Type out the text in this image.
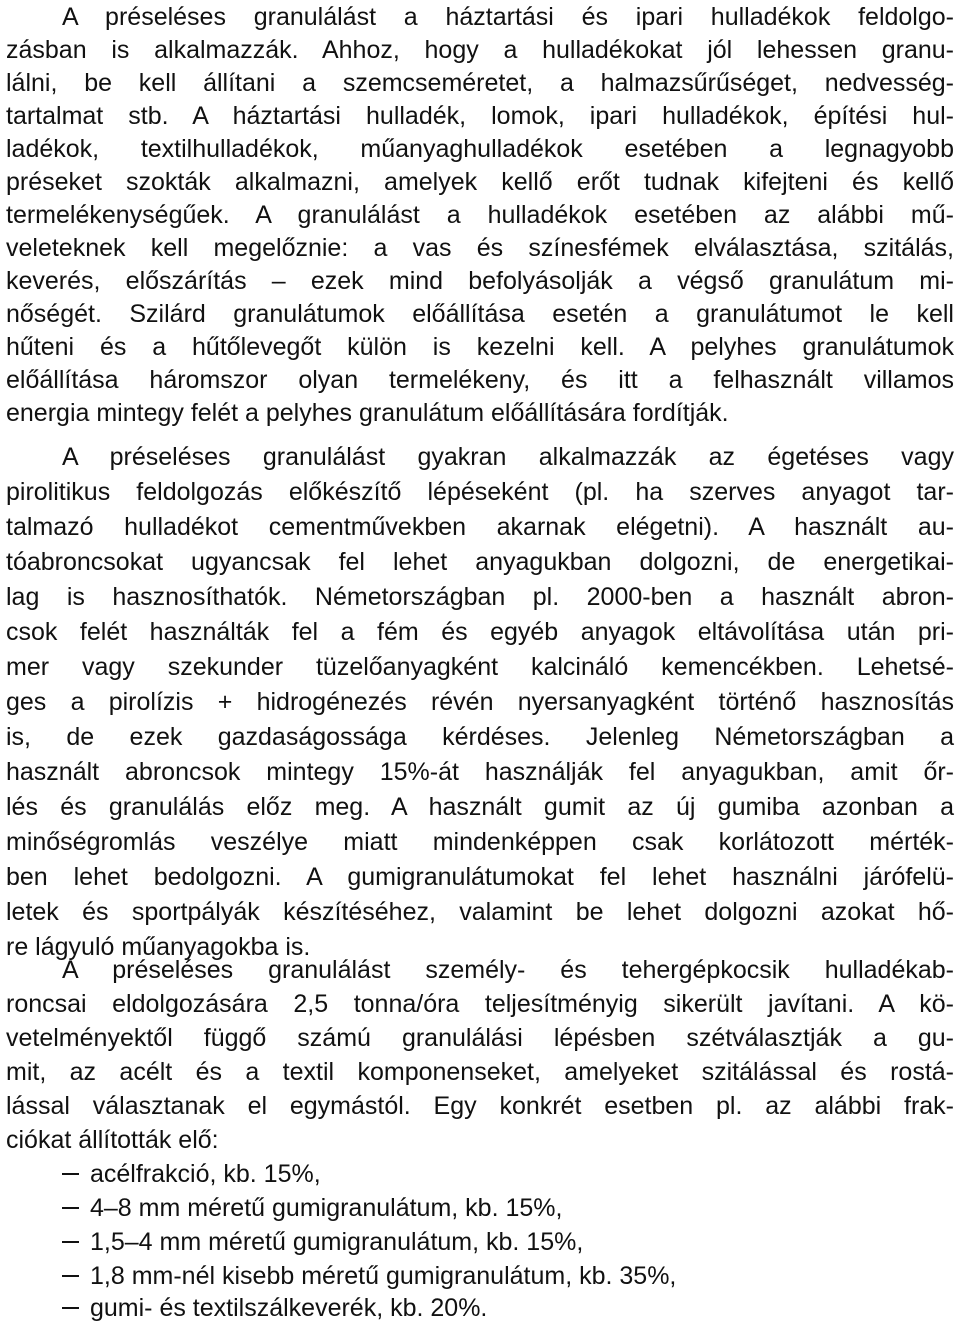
A préseléses granulálást a háztartási és ipari hulladékok feldolgo-
zásban is alkalmazzák. Ahhoz, hogy a hulladékokat jól lehessen granu-
lálni, be kell állítani a szemcseméretet, a halmazsűrűséget, nedvesség-
tartalmat stb. A háztartási hulladék, lomok, ipari hulladékok, építési hul-
ladékok, textilhulladékok, műanyaghulladékok esetében a legnagyobb
préseket szokták alkalmazni, amelyek kellő erőt tudnak kifejteni és kellő
termelékenységűek. A granulálást a hulladékok esetében az alábbi mű-
veleteknek kell megelőznie: a vas és színesfémek elválasztása, szitálás,
keverés, előszárítás – ezek mind befolyásolják a végső granulátum mi-
nőségét. Szilárd granulátumok előállítása esetén a granulátumot le kell
hűteni és a hűtőlevegőt külön is kezelni kell. A pelyhes granulátumok
előállítása háromszor olyan termelékeny, és itt a felhasznált villamos
energia mintegy felét a pelyhes granulátum előállítására fordítják.
A préseléses granulálást gyakran alkalmazzák az égetéses vagy
pirolitikus feldolgozás előkészítő lépéseként (pl. ha szerves anyagot tar-
talmazó hulladékot cementművekben akarnak elégetni). A használt au-
tóabroncsokat ugyancsak fel lehet anyagukban dolgozni, de energetikai-
lag is hasznosíthatók. Németországban pl. 2000-ben a használt abron-
csok felét használták fel a fém és egyéb anyagok eltávolítása után pri-
mer vagy szekunder tüzelőanyagként kalcináló kemencékben. Lehetsé-
ges a pirolízis + hidrogénezés révén nyersanyagként történő hasznosítás
is, de ezek gazdaságossága kérdéses. Jelenleg Németországban a
használt abroncsok mintegy 15%-át használják fel anyagukban, amit őr-
lés és granulálás előz meg. A használt gumit az új gumiba azonban a
minőségromlás veszélye miatt mindenképpen csak korlátozott mérték-
ben lehet bedolgozni. A gumigranulátumokat fel lehet használni járófelü-
letek és sportpályák készítéséhez, valamint be lehet dolgozni azokat hő-
re lágyuló műanyagokba is.
A préseléses granulálást személy- és tehergépkocsik hulladékab-
roncsai eldolgozására 2,5 tonna/óra teljesítményig sikerült javítani. A kö-
vetelményektől függő számú granulálási lépésben szétválasztják a gu-
mit, az acélt és a textil komponenseket, amelyeket szitálással és rostá-
lással választanak el egymástól. Egy konkrét esetben pl. az alábbi frak-
ciókat állították elő:
acélfrakció, kb. 15%,
4–8 mm méretű gumigranulátum, kb. 15%,
1,5–4 mm méretű gumigranulátum, kb. 15%,
1,8 mm-nél kisebb méretű gumigranulátum, kb. 35%,
gumi- és textilszálkeverék, kb. 20%.
